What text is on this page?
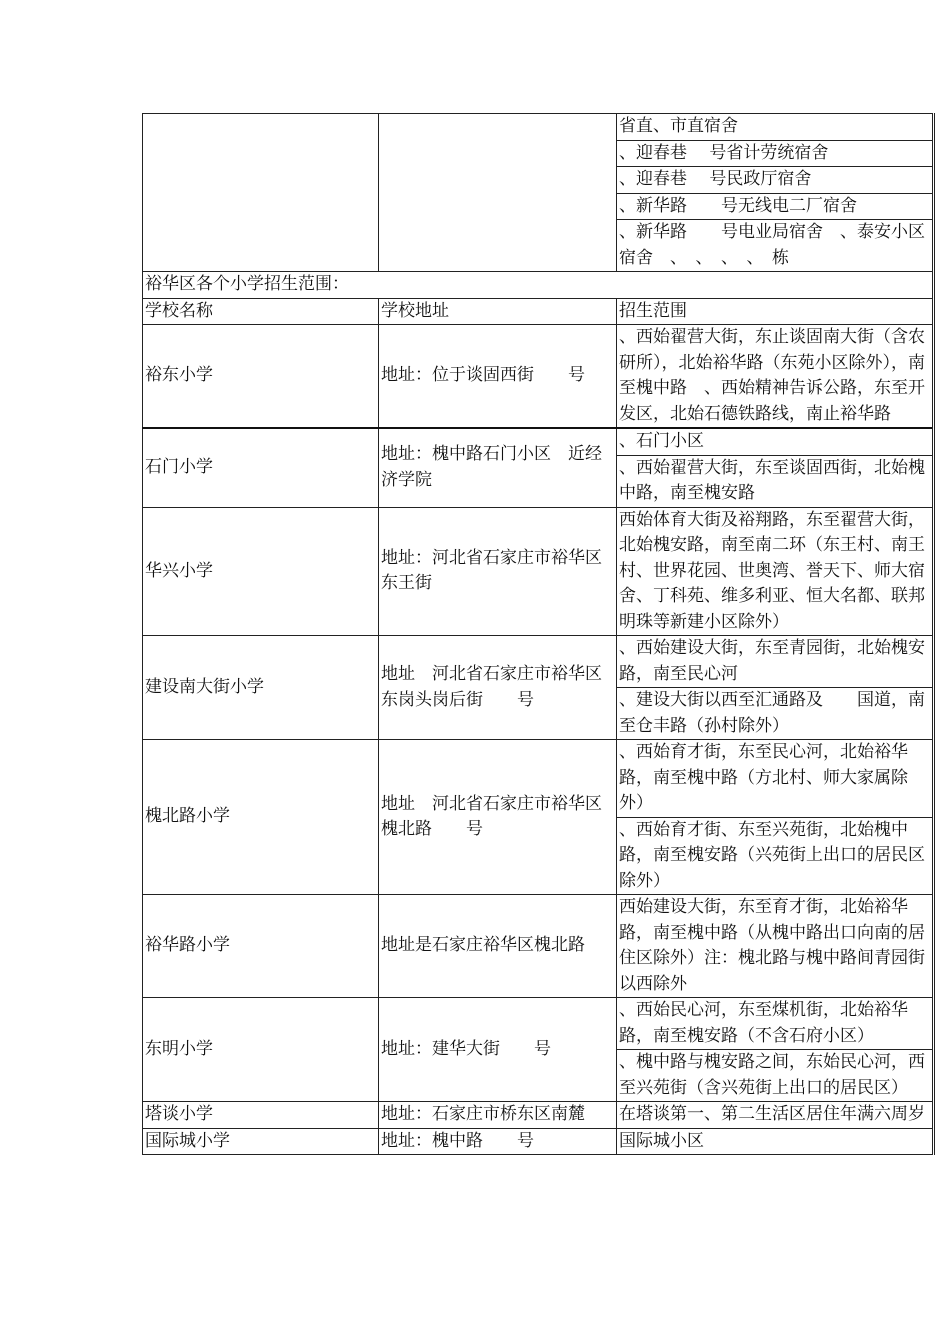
		省直、市直宿舍
		、迎春巷　 号省计劳统宿舍
		、迎春巷　 号民政厅宿舍
		、新华路　　号无线电二厂宿舍
		、新华路　　号电业局宿舍　、泰安小区宿舍　、　、　、　、　栋
裕华区各个小学招生范围：		
学校名称	学校地址	招生范围
裕东小学	地址：位于谈固西街　　号	、西始翟营大街，东止谈固南大街（含农研所），北始裕华路（东苑小区除外），南至槐中路　、西始精神告诉公路，东至开发区，北始石德铁路线，南止裕华路
石门小学	地址：槐中路石门小区　近经济学院	、石门小区
		、西始翟营大街，东至谈固西街，北始槐中路，南至槐安路
华兴小学	地址：河北省石家庄市裕华区东王街	西始体育大街及裕翔路，东至翟营大街，北始槐安路，南至南二环（东王村、南王村、世界花园、世奥湾、誉天下、师大宿舍、丁科苑、维多利亚、恒大名都、联邦明珠等新建小区除外）
建设南大街小学	地址　河北省石家庄市裕华区东岗头岗后街　　号	、西始建设大街，东至青园街，北始槐安路，南至民心河
		、建设大街以西至汇通路及　　国道，南至仓丰路（孙村除外）
槐北路小学	地址　河北省石家庄市裕华区槐北路　　号	、西始育才街，东至民心河，北始裕华路，南至槐中路（方北村、师大家属除外）
		、西始育才街、东至兴苑街，北始槐中路，南至槐安路（兴苑街上出口的居民区除外）
裕华路小学	地址是石家庄裕华区槐北路	西始建设大街，东至育才街，北始裕华路，南至槐中路（从槐中路出口向南的居住区除外）注：槐北路与槐中路间青园街以西除外
东明小学	地址：建华大街　　号	、西始民心河，东至煤机街，北始裕华路，南至槐安路（不含石府小区）
		、槐中路与槐安路之间，东始民心河，西至兴苑街（含兴苑街上出口的居民区）
塔谈小学	地址：石家庄市桥东区南麓	在塔谈第一、第二生活区居住年满六周岁
国际城小学	地址：槐中路　　号	国际城小区
